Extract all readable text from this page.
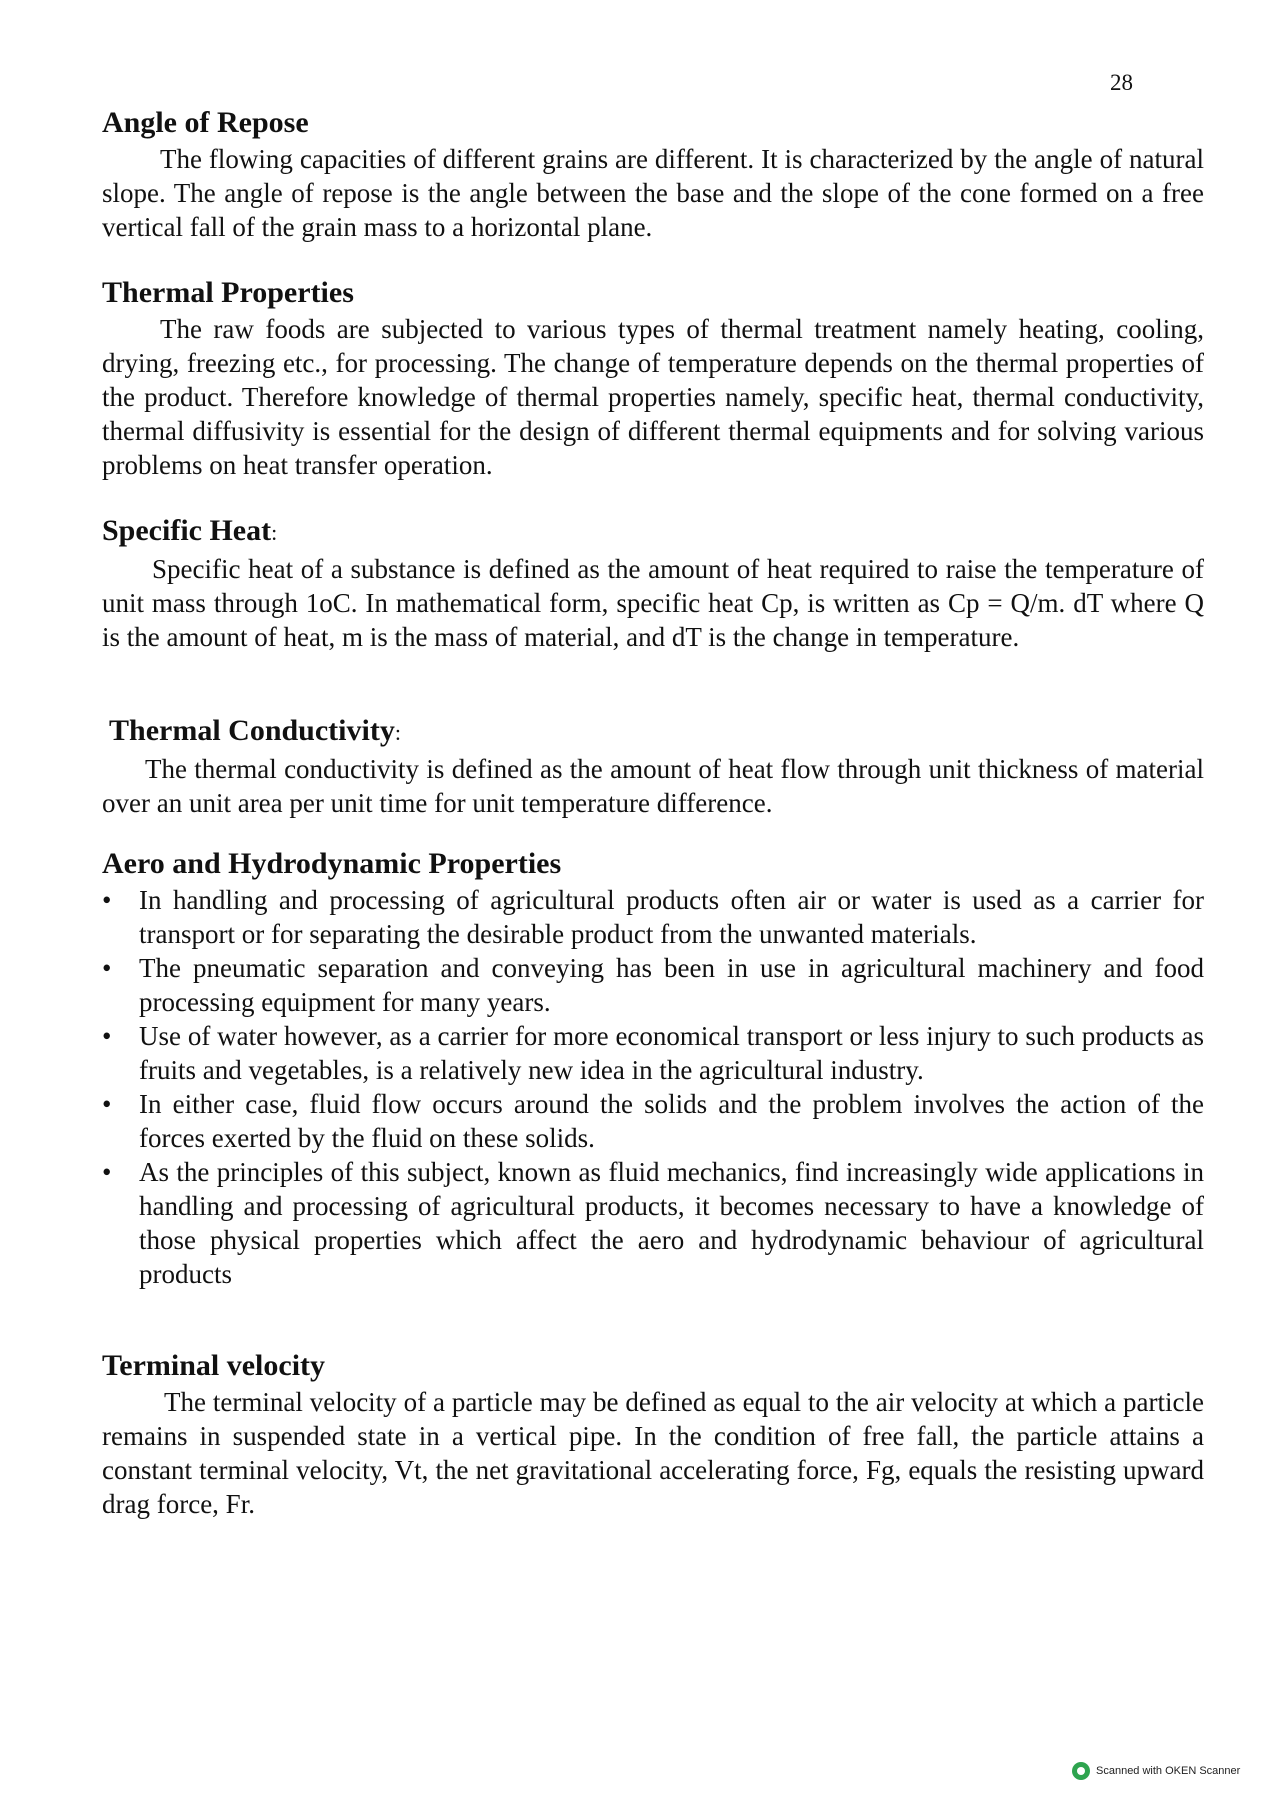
28
Angle of Repose

The flowing capacities of different grains are different. It is characterized by the angle of natural slope. The angle of repose is the angle between the base and the slope of the cone formed on a free vertical fall of the grain mass to a horizontal plane.

Thermal Properties

The raw foods are subjected to various types of thermal treatment namely heating, cooling, drying, freezing etc., for processing. The change of temperature depends on the thermal properties of the product. Therefore knowledge of thermal properties namely, specific heat, thermal conductivity, thermal diffusivity is essential for the design of different thermal equipments and for solving various problems on heat transfer operation.

Specific Heat:

Specific heat of a substance is defined as the amount of heat required to raise the temperature of unit mass through 1oC. In mathematical form, specific heat Cp, is written as Cp = Q/m. dT where Q is the amount of heat, m is the mass of material, and dT is the change in temperature.

Thermal Conductivity:

The thermal conductivity is defined as the amount of heat flow through unit thickness of material over an unit area per unit time for unit temperature difference.

Aero and Hydrodynamic Properties
•	In handling and processing of agricultural products often air or water is used as a carrier for transport or for separating the desirable product from the unwanted materials.
•	The pneumatic separation and conveying has been in use in agricultural machinery and food processing equipment for many years.
•	Use of water however, as a carrier for more economical transport or less injury to such products as fruits and vegetables, is a relatively new idea in the agricultural industry.
•	In either case, fluid flow occurs around the solids and the problem involves the action of the forces exerted by the fluid on these solids.
•	As the principles of this subject, known as fluid mechanics, find increasingly wide applications in handling and processing of agricultural products, it becomes necessary to have a knowledge of those physical properties which affect the aero and hydrodynamic behaviour of agricultural products
Terminal velocity

The terminal velocity of a particle may be defined as equal to the air velocity at which a particle remains in suspended state in a vertical pipe. In the condition of free fall, the particle attains a constant terminal velocity, Vt, the net gravitational accelerating force, Fg, equals the resisting upward drag force, Fr.

Scanned with OKEN Scanner
